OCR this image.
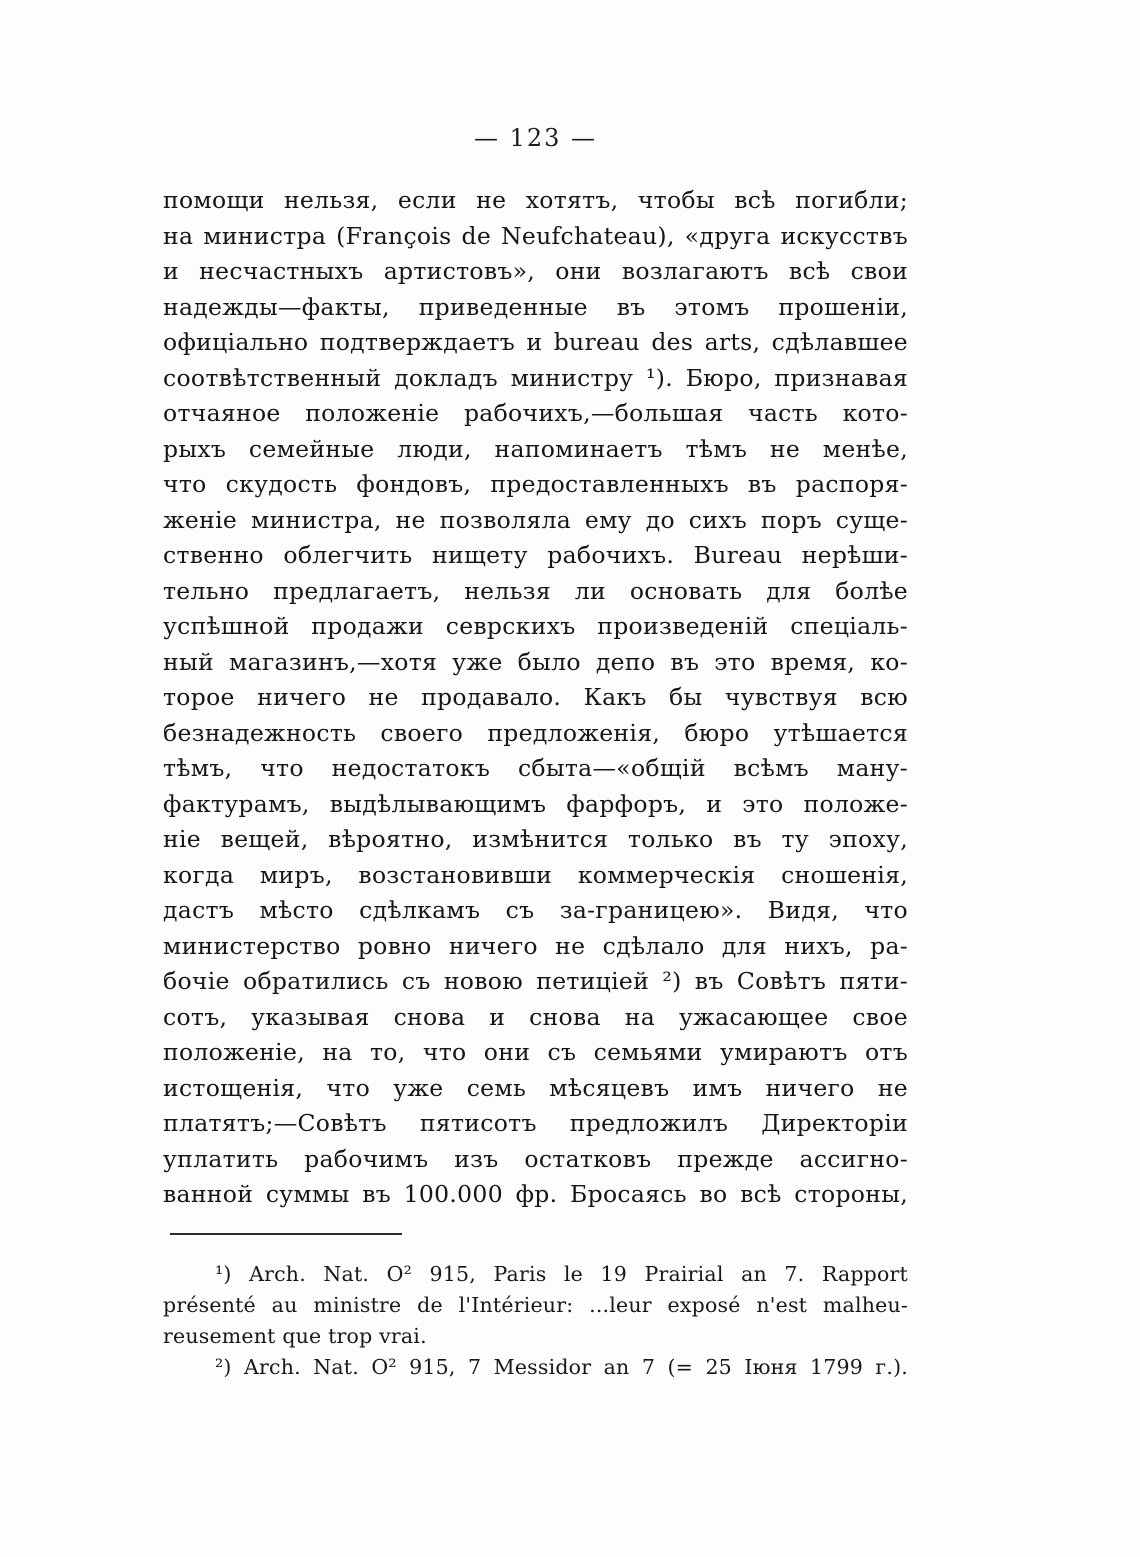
— 123 —
помощи нельзя, если не хотятъ, чтобы всѣ погибли;
на министра (François de Neufchateau), «друга искусствъ
и несчастныхъ артистовъ», они возлагаютъ всѣ свои
надежды—факты, приведенные въ этомъ прошеніи,
офиціально подтверждаетъ и bureau des arts, сдѣлавшее
соотвѣтственный докладъ министру ¹). Бюро, признавая
отчаяное положеніе рабочихъ,—большая часть кото-
рыхъ семейные люди, напоминаетъ тѣмъ не менѣе,
что скудость фондовъ, предоставленныхъ въ распоря-
женіе министра, не позволяла ему до сихъ поръ суще-
ственно облегчить нищету рабочихъ. Bureau нерѣши-
тельно предлагаетъ, нельзя ли основать для болѣе
успѣшной продажи севрскихъ произведеній спеціаль-
ный магазинъ,—хотя уже было депо въ это время, ко-
торое ничего не продавало. Какъ бы чувствуя всю
безнадежность своего предложенія, бюро утѣшается
тѣмъ, что недостатокъ сбыта—«общій всѣмъ ману-
фактурамъ, выдѣлывающимъ фарфоръ, и это положе-
ніе вещей, вѣроятно, измѣнится только въ ту эпоху,
когда миръ, возстановивши коммерческія сношенія,
дастъ мѣсто сдѣлкамъ съ за-границею». Видя, что
министерство ровно ничего не сдѣлало для нихъ, ра-
бочіе обратились съ новою петиціей ²) въ Совѣтъ пяти-
сотъ, указывая снова и снова на ужасающее свое
положеніе, на то, что они съ семьями умираютъ отъ
истощенія, что уже семь мѣсяцевъ имъ ничего не
платятъ;—Совѣтъ пятисотъ предложилъ Директоріи
уплатить рабочимъ изъ остатковъ прежде ассигно-
ванной суммы въ 100.000 фр. Бросаясь во всѣ стороны,
¹) Arch. Nat. O² 915, Paris le 19 Prairial an 7. Rapport
présenté au ministre de l'Intérieur: ...leur exposé n'est malheu-
reusement que trop vrai.
²) Arch. Nat. O² 915, 7 Messidor an 7 (= 25 Іюня 1799 г.).
